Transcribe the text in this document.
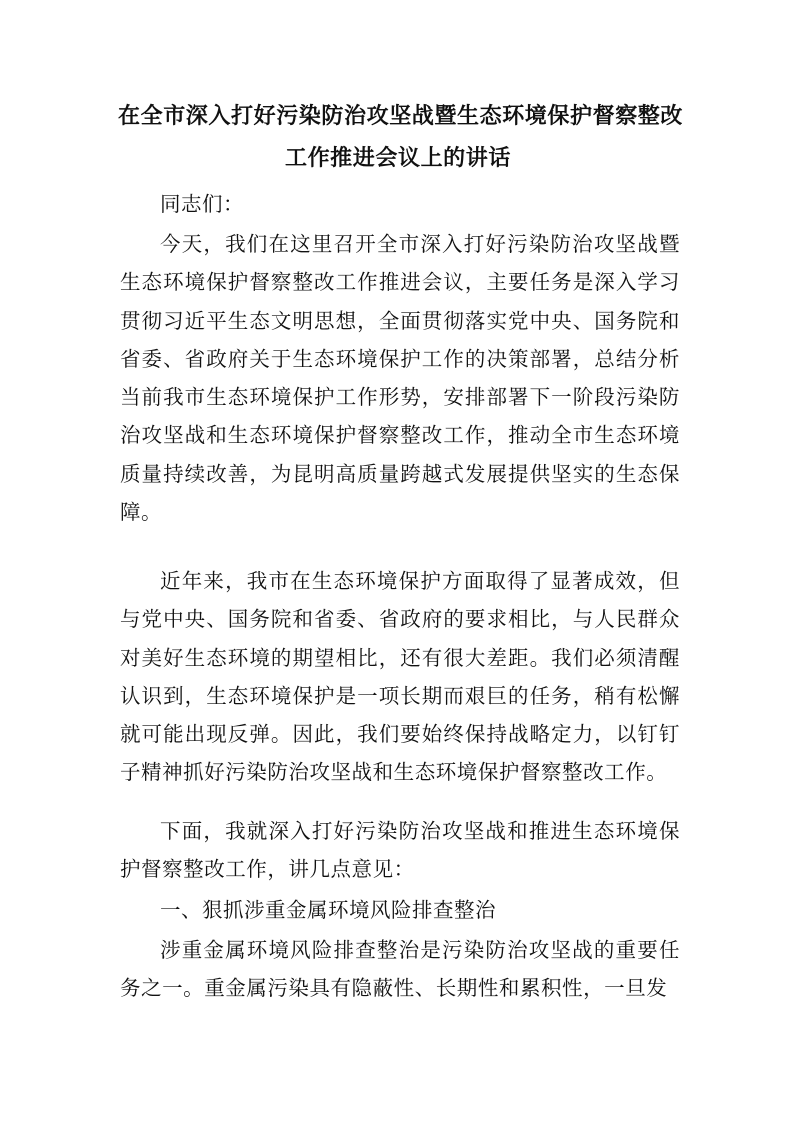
在全市深入打好污染防治攻坚战暨生态环境保护督察整改
工作推进会议上的讲话
同志们：

今天，我们在这里召开全市深入打好污染防治攻坚战暨生态环境保护督察整改工作推进会议，主要任务是深入学习贯彻习近平生态文明思想，全面贯彻落实党中央、国务院和省委、省政府关于生态环境保护工作的决策部署，总结分析当前我市生态环境保护工作形势，安排部署下一阶段污染防治攻坚战和生态环境保护督察整改工作，推动全市生态环境质量持续改善，为昆明高质量跨越式发展提供坚实的生态保障。

近年来，我市在生态环境保护方面取得了显著成效，但与党中央、国务院和省委、省政府的要求相比，与人民群众对美好生态环境的期望相比，还有很大差距。我们必须清醒认识到，生态环境保护是一项长期而艰巨的任务，稍有松懈就可能出现反弹。因此，我们要始终保持战略定力，以钉钉子精神抓好污染防治攻坚战和生态环境保护督察整改工作。

下面，我就深入打好污染防治攻坚战和推进生态环境保护督察整改工作，讲几点意见：

一、狠抓涉重金属环境风险排查整治

涉重金属环境风险排查整治是污染防治攻坚战的重要任务之一。重金属污染具有隐蔽性、长期性和累积性，一旦发
